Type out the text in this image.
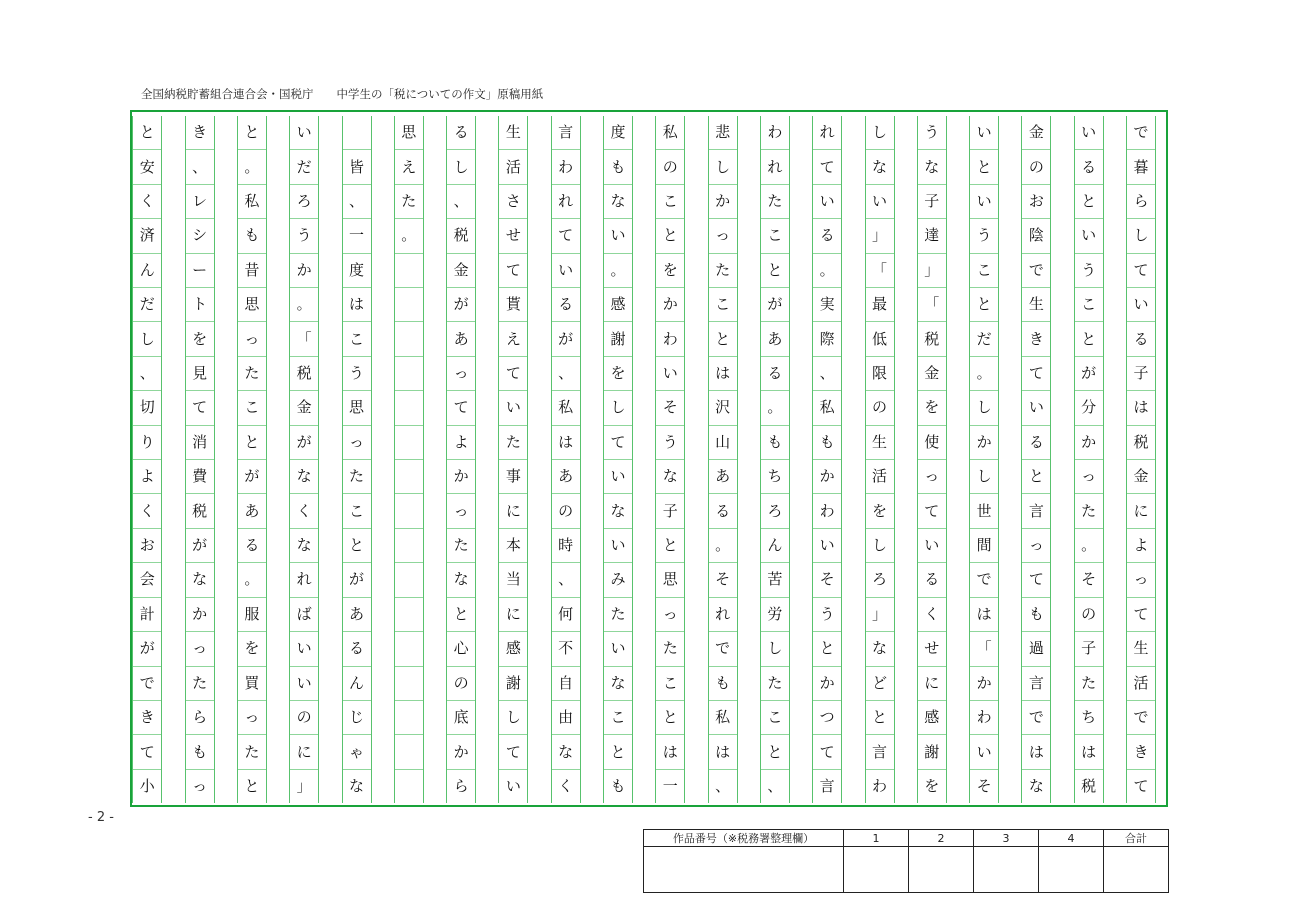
全国納税貯蓄組合連合会・国税庁　　 中学生の「税についての作文」原稿用紙
で
暮
ら
し
て
い
る
子
は
税
金
に
よ
っ
て
生
活
で
き
て
い
る
と
い
う
こ
と
が
分
か
っ
た
。
そ
の
子
た
ち
は
税
金
の
お
陰
で
生
き
て
い
る
と
言
っ
て
も
過
言
で
は
な
い
と
い
う
こ
と
だ
。
し
か
し
世
間
で
は
「
か
わ
い
そ
う
な
子
達
」
「
税
金
を
使
っ
て
い
る
く
せ
に
感
謝
を
し
な
い
」
「
最
低
限
の
生
活
を
し
ろ
」
な
ど
と
言
わ
れ
て
い
る
。
実
際
、
私
も
か
わ
い
そ
う
と
か
つ
て
言
わ
れ
た
こ
と
が
あ
る
。
も
ち
ろ
ん
苦
労
し
た
こ
と
、
悲
し
か
っ
た
こ
と
は
沢
山
あ
る
。
そ
れ
で
も
私
は
、
私
の
こ
と
を
か
わ
い
そ
う
な
子
と
思
っ
た
こ
と
は
一
度
も
な
い
。
感
謝
を
し
て
い
な
い
み
た
い
な
こ
と
も
言
わ
れ
て
い
る
が
、
私
は
あ
の
時
、
何
不
自
由
な
く
生
活
さ
せ
て
貰
え
て
い
た
事
に
本
当
に
感
謝
し
て
い
る
し
、
税
金
が
あ
っ
て
よ
か
っ
た
な
と
心
の
底
か
ら
思
え
た
。
皆
、
一
度
は
こ
う
思
っ
た
こ
と
が
あ
る
ん
じ
ゃ
な
い
だ
ろ
う
か
。
「
税
金
が
な
く
な
れ
ば
い
い
の
に
」
と
。
私
も
昔
思
っ
た
こ
と
が
あ
る
。
服
を
買
っ
た
と
き
、
レ
シ
ー
ト
を
見
て
消
費
税
が
な
か
っ
た
ら
も
っ
と
安
く
済
ん
だ
し
、
切
り
よ
く
お
会
計
が
で
き
て
小
- 2 -
作品番号（※税務署整理欄）	1	2	3	4	合計
